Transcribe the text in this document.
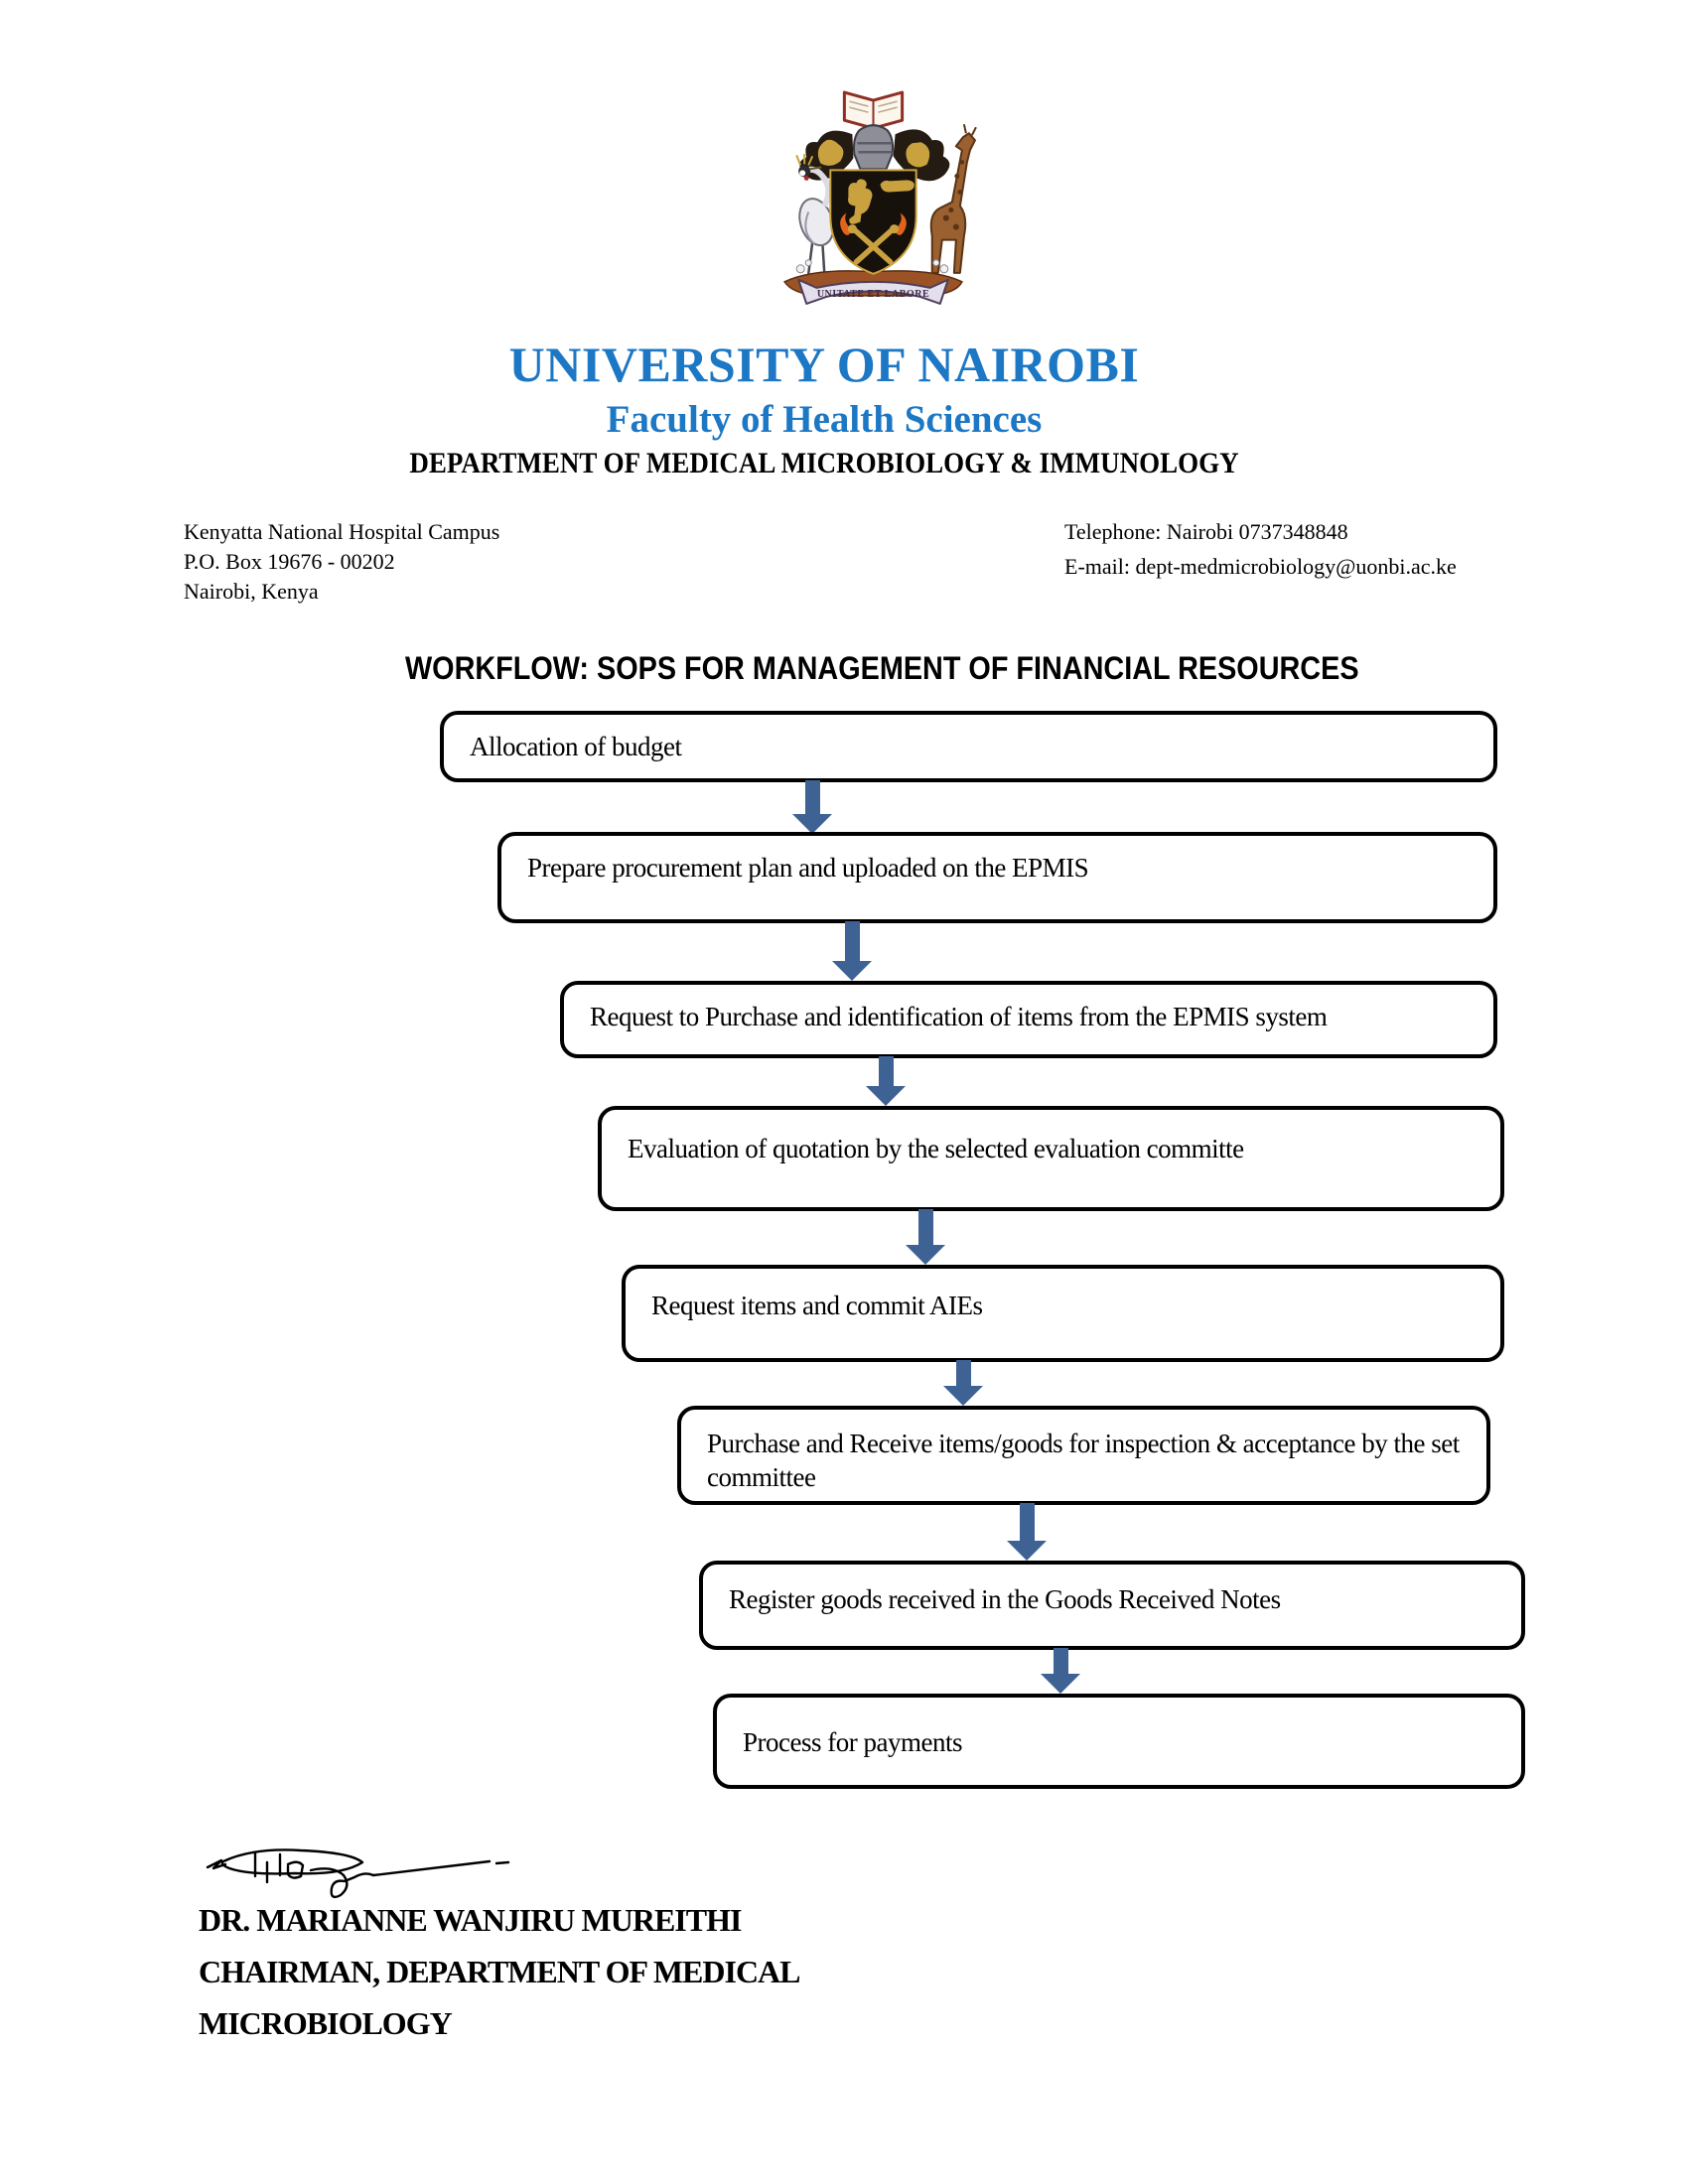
UNITATE ET LABORE
UNIVERSITY OF NAIROBI
Faculty of Health Sciences
DEPARTMENT OF MEDICAL MICROBIOLOGY & IMMUNOLOGY
Kenyatta National Hospital Campus
P.O. Box 19676 - 00202
Nairobi, Kenya
Telephone: Nairobi 0737348848
E-mail: dept-medmicrobiology@uonbi.ac.ke
WORKFLOW: SOPS FOR MANAGEMENT OF FINANCIAL RESOURCES
Allocation of budget
Prepare procurement plan and uploaded on the EPMIS
Request to Purchase and identification of items from the EPMIS system
Evaluation of quotation by the selected evaluation committe
Request items and commit AIEs
Purchase and Receive items/goods for inspection & acceptance by the set committee
Register goods received in the Goods Received Notes
Process for payments
DR. MARIANNE WANJIRU MUREITHI
CHAIRMAN, DEPARTMENT OF MEDICAL
MICROBIOLOGY
